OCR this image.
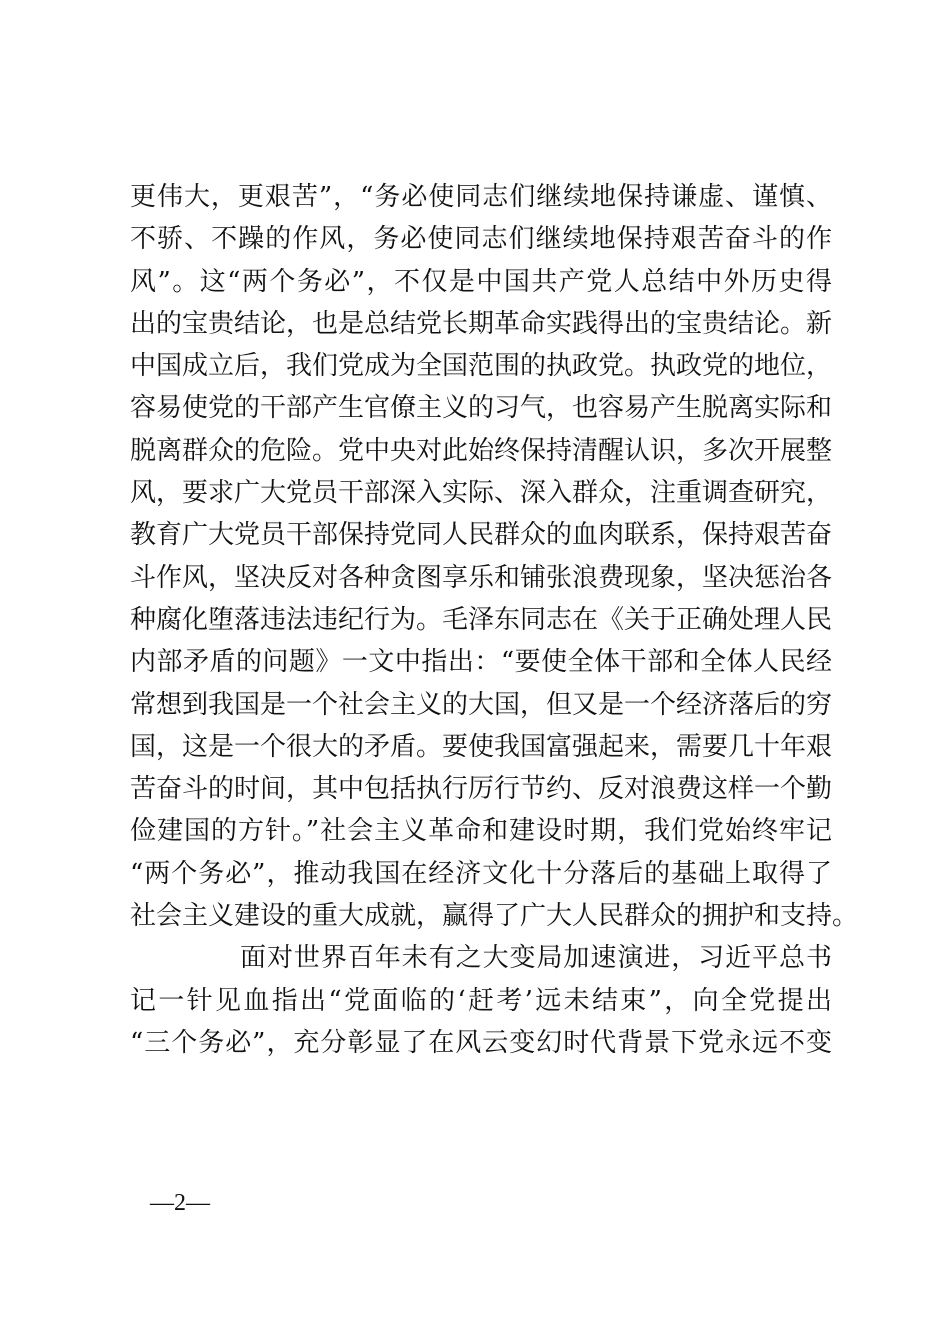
更伟大，更艰苦”，“务必使同志们继续地保持谦虚、谨慎、
不骄、不躁的作风，务必使同志们继续地保持艰苦奋斗的作
风”。这“两个务必”，不仅是中国共产党人总结中外历史得
出的宝贵结论，也是总结党长期革命实践得出的宝贵结论。新
中国成立后，我们党成为全国范围的执政党。执政党的地位，
容易使党的干部产生官僚主义的习气，也容易产生脱离实际和
脱离群众的危险。党中央对此始终保持清醒认识，多次开展整
风，要求广大党员干部深入实际、深入群众，注重调查研究，
教育广大党员干部保持党同人民群众的血肉联系，保持艰苦奋
斗作风，坚决反对各种贪图享乐和铺张浪费现象，坚决惩治各
种腐化堕落违法违纪行为。毛泽东同志在《关于正确处理人民
内部矛盾的问题》一文中指出：“要使全体干部和全体人民经
常想到我国是一个社会主义的大国，但又是一个经济落后的穷
国，这是一个很大的矛盾。要使我国富强起来，需要几十年艰
苦奋斗的时间，其中包括执行厉行节约、反对浪费这样一个勤
俭建国的方针。”社会主义革命和建设时期，我们党始终牢记
“两个务必”，推动我国在经济文化十分落后的基础上取得了
社会主义建设的重大成就，赢得了广大人民群众的拥护和支持。
面对世界百年未有之大变局加速演进，习近平总书
记一针见血指出“党面临的‘赶考’远未结束”，向全党提出
“三个务必”，充分彰显了在风云变幻时代背景下党永远不变
—2—
